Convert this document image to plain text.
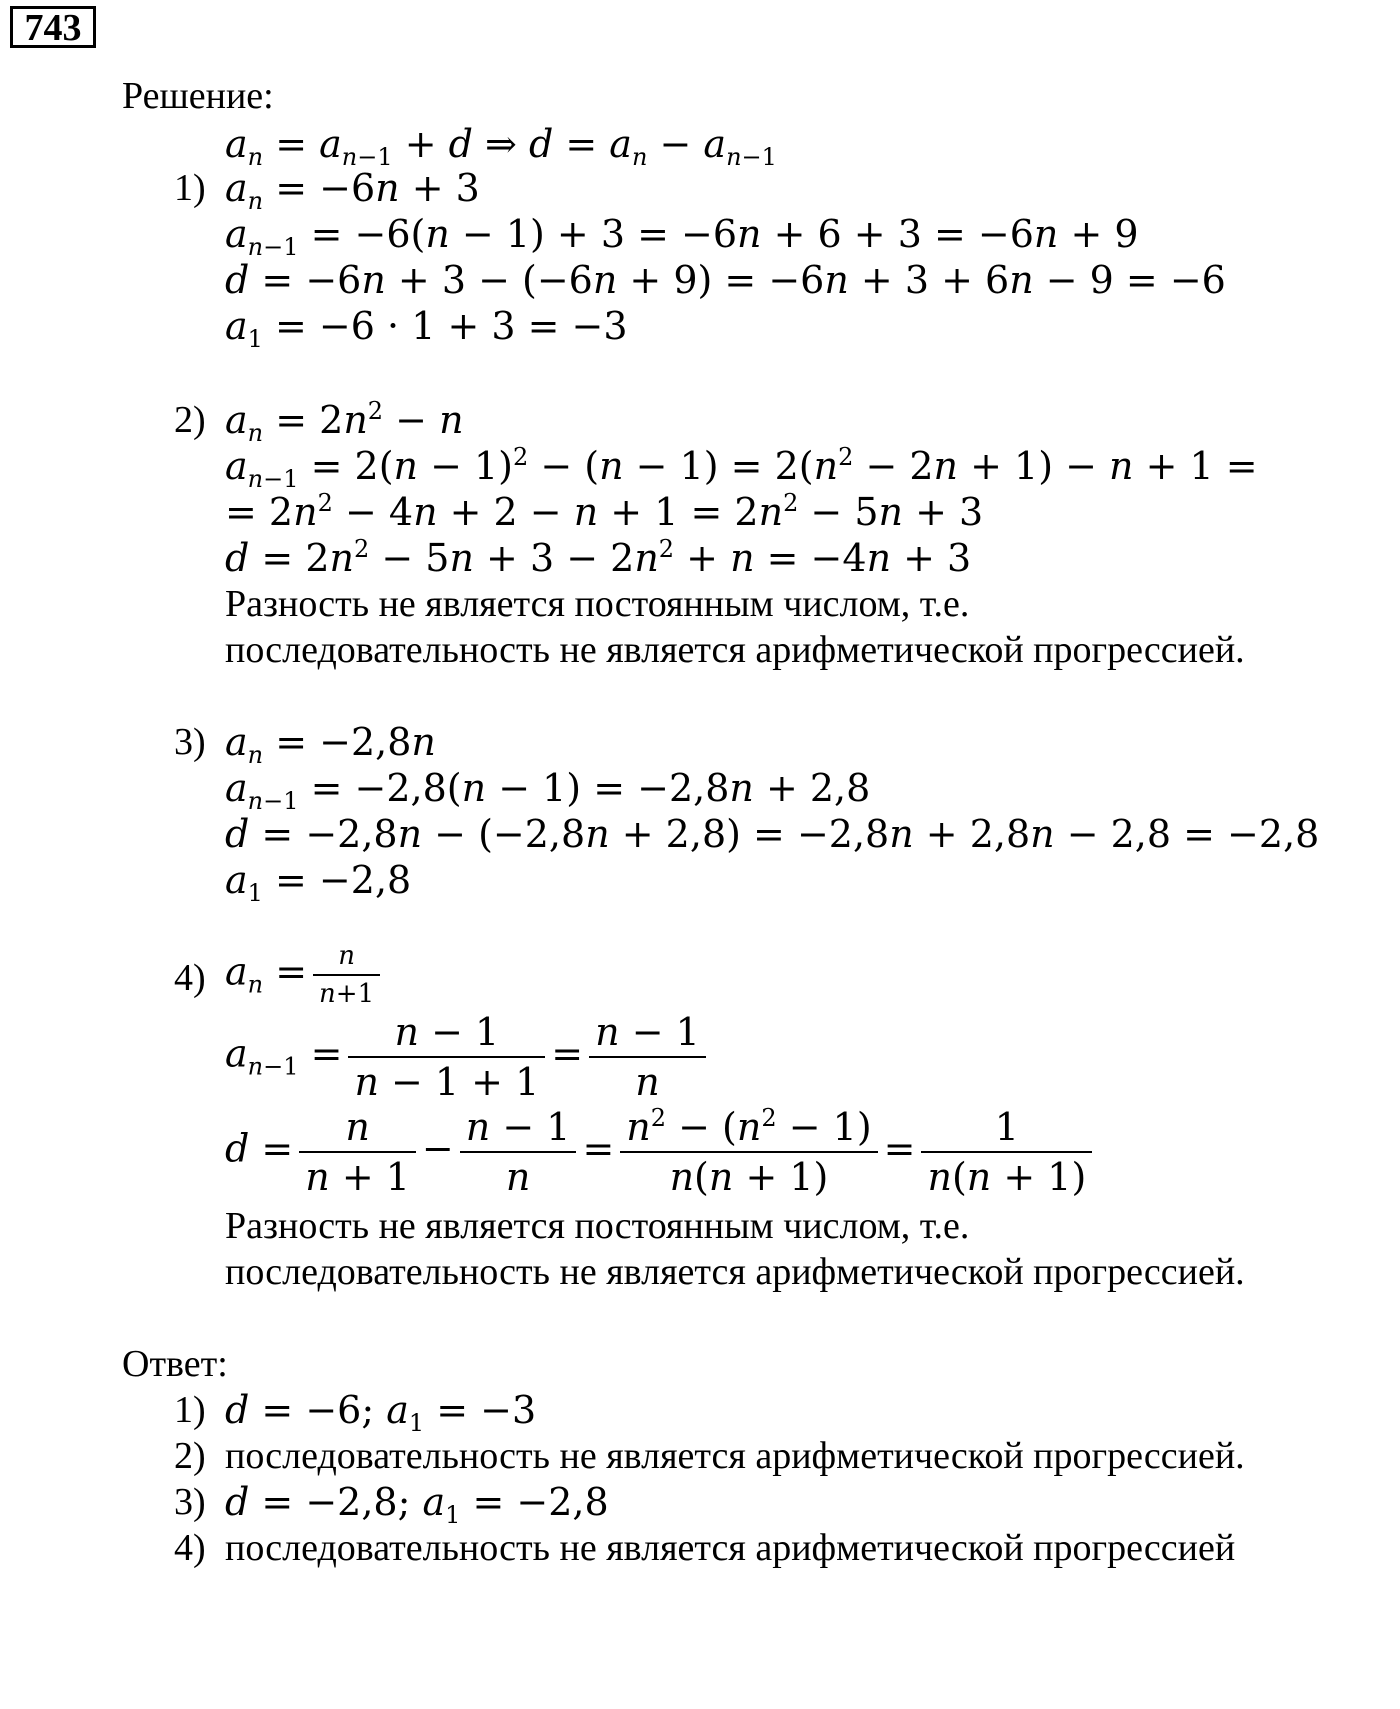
743
Решение:
$a_n = a_{n-1} + d$ ⇒ $d = a_n - a_{n-1}$
1) $a_n = -6n + 3$
$a_{n-1} = -6(n - 1) + 3 = -6n + 6 + 3 = -6n + 9$
d = −6n + 3 − (−6n + 9) = −6n + 3 + 6n − 9 = −6
$a_1 = -6 \cdot 1 + 3 = -3$
2) $a_n = 2n^2 - n$
$a_{n-1} = 2(n - 1)^2 - (n - 1) = 2(n^2 - 2n + 1) - n + 1$ =
= $2n^2 - 4n + 2 - n + 1 = 2n^2 - 5n + 3$
$d = 2n^2 - 5n + 3 - 2n^2 + n = -4n + 3$
Разность не является постоянным числом, т.е.
последовательность не является арифметической прогрессией.
3) $a_n = -2,8n$
$a_{n-1} = -2,8(n - 1) = -2,8n + 2,8$
d = −2,8n − (−2,8n + 2,8) = −2,8n + 2,8n − 2,8 = −2,8
$a_1 = -2,8$
4) $a_n = \frac{n}{n+1}$
$a_{n-1} = \frac{n - 1}{n - 1 + 1} = \frac{n - 1}{n}$
$d = \frac{n}{n + 1} - \frac{n - 1}{n} = \frac{n^2 - (n^2 - 1)}{n(n + 1)} = \frac{1}{n(n + 1)}$
Разность не является постоянным числом, т.е.
последовательность не является арифметической прогрессией.
Ответ:
1) d = −6; $a_1 = -3$
2) последовательность не является арифметической прогрессией.
3) d = −2,8; $a_1 = -2,8$
4) последовательность не является арифметической прогрессией
